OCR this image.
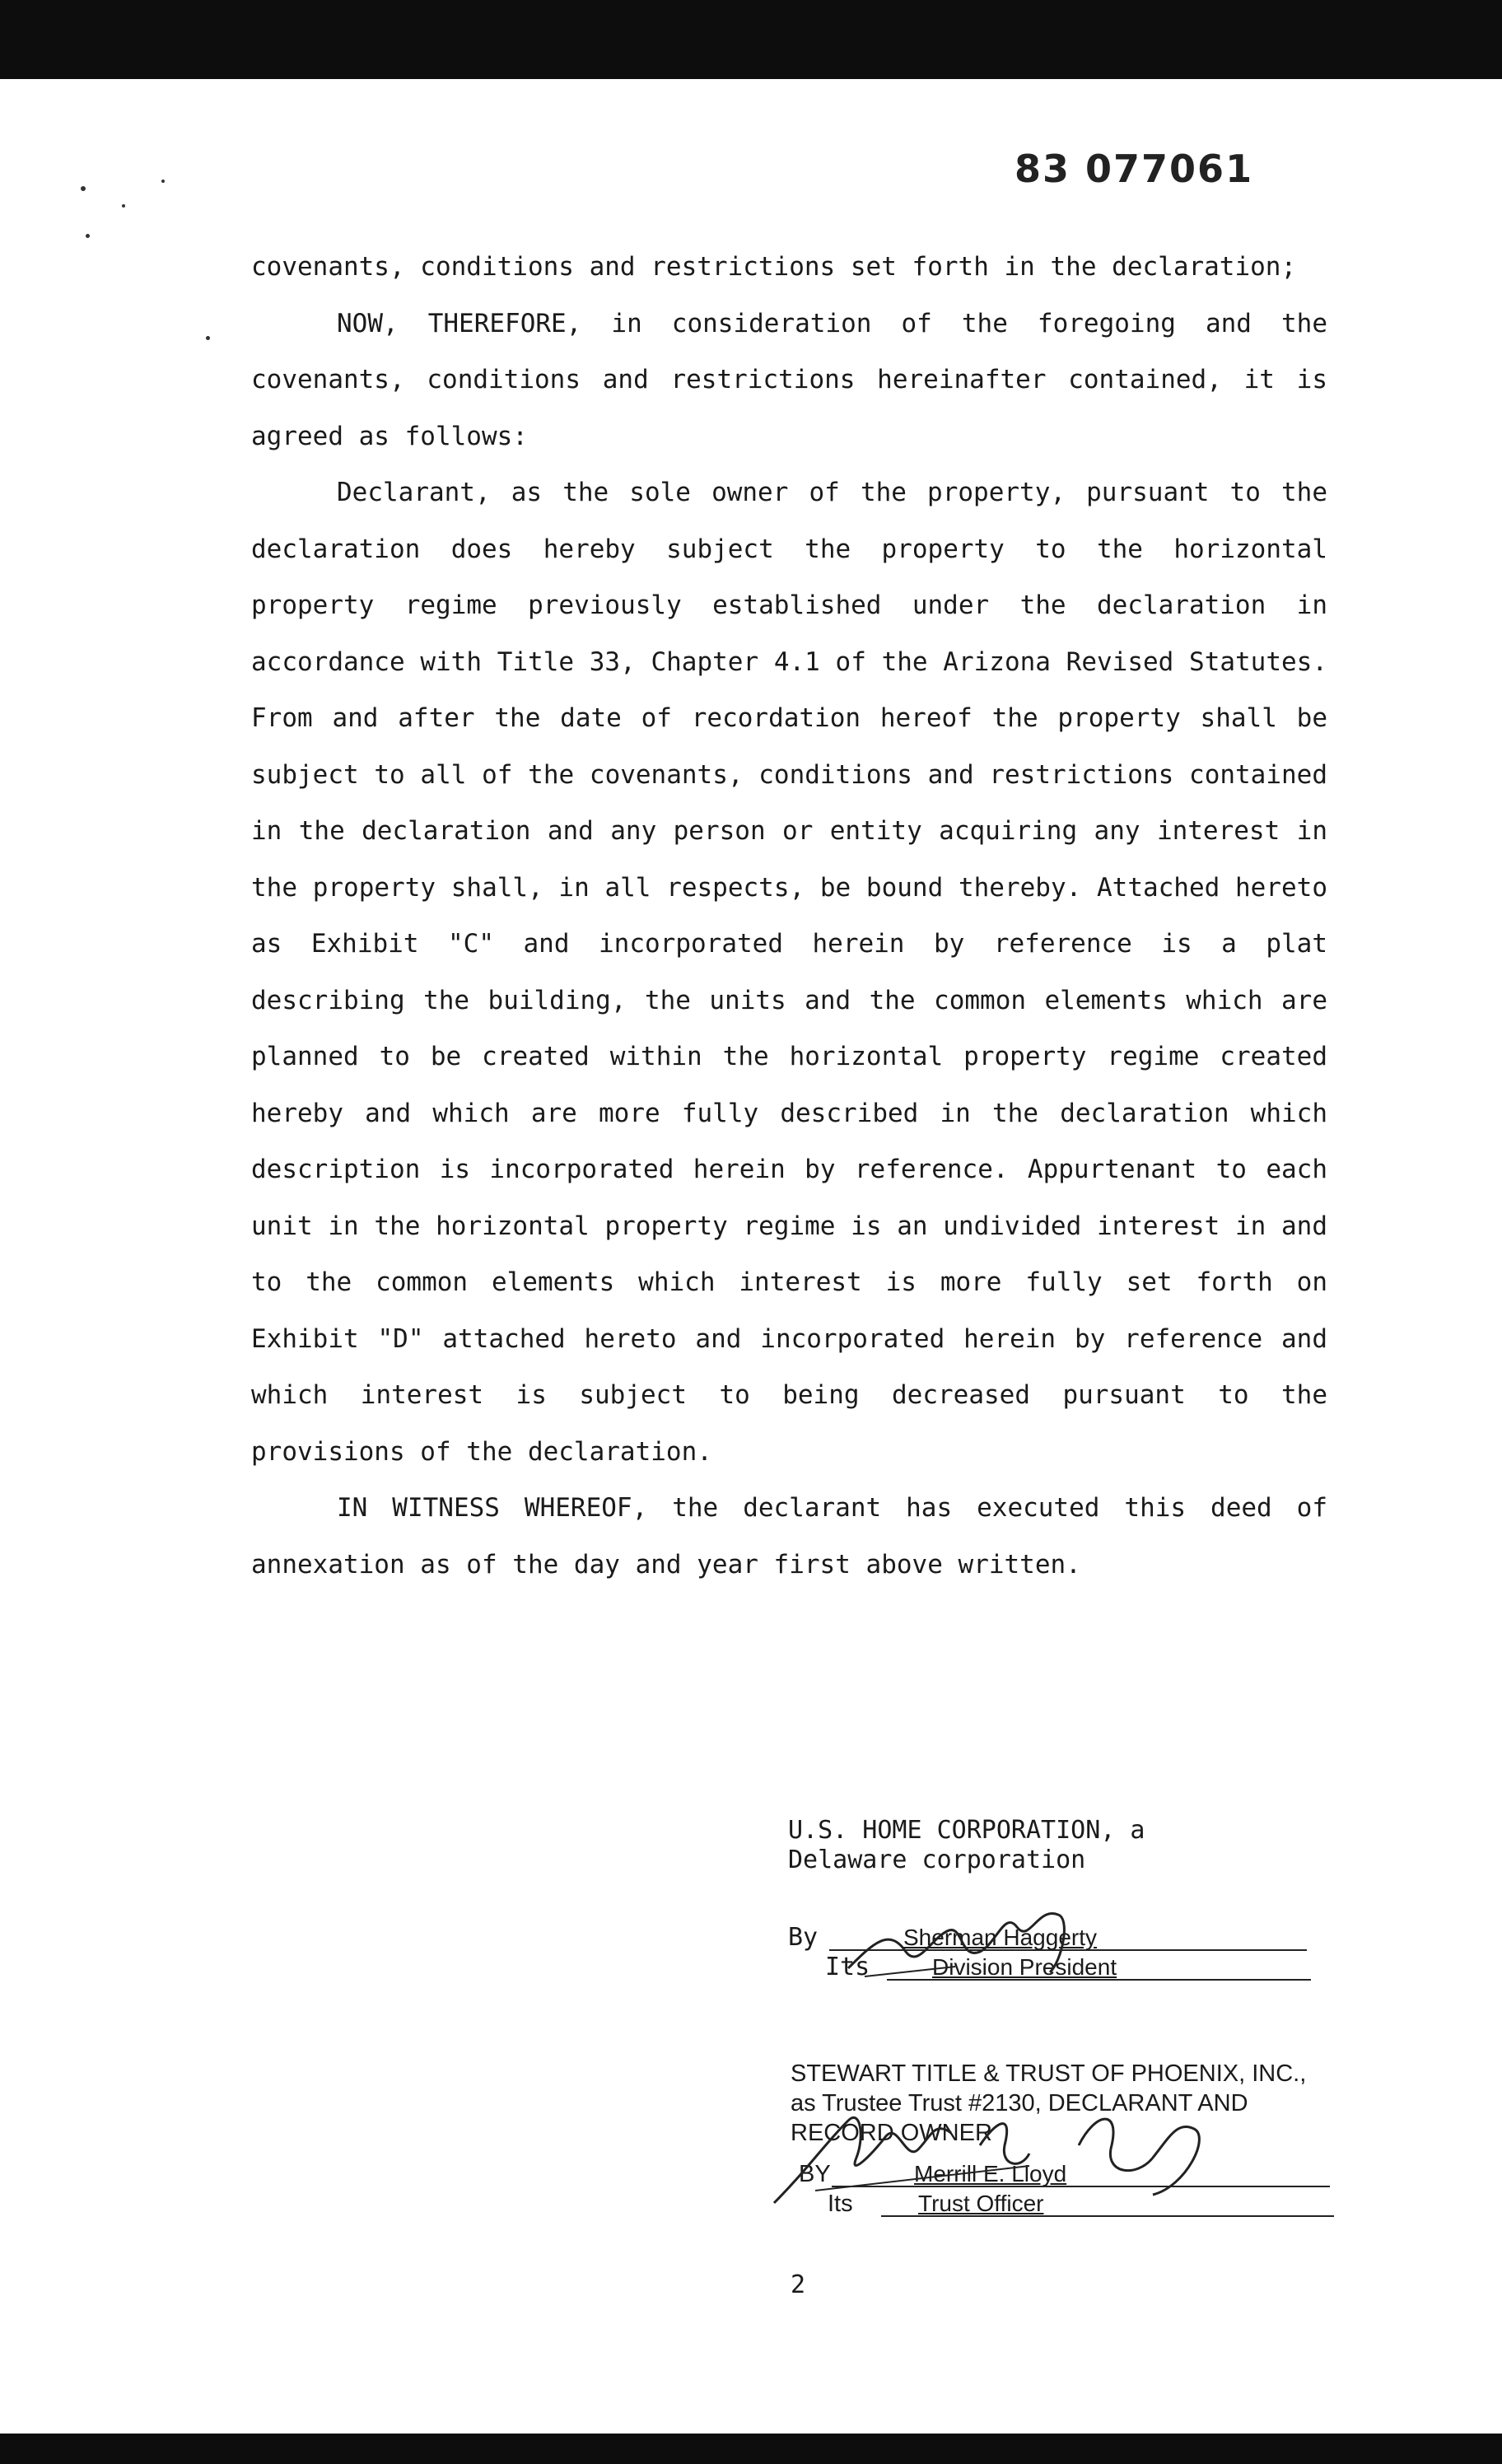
83 077061

covenants, conditions and restrictions set forth in the declaration;

NOW, THEREFORE, in consideration of the foregoing and the covenants, conditions and restrictions hereinafter contained, it is agreed as follows:

Declarant, as the sole owner of the property, pursuant to the declaration does hereby subject the property to the horizontal property regime previously established under the declaration in accordance with Title 33, Chapter 4.1 of the Arizona Revised Statutes. From and after the date of recordation hereof the property shall be subject to all of the covenants, conditions and restrictions contained in the declaration and any person or entity acquiring any interest in the property shall, in all respects, be bound thereby. Attached hereto as Exhibit "C" and incorporated herein by reference is a plat describing the building, the units and the common elements which are planned to be created within the horizontal property regime created hereby and which are more fully described in the declaration which description is incorporated herein by reference. Appurtenant to each unit in the horizontal property regime is an undivided interest in and to the common elements which interest is more fully set forth on Exhibit "D" attached hereto and incorporated herein by reference and which interest is subject to being decreased pursuant to the provisions of the declaration.

IN WITNESS WHEREOF, the declarant has executed this deed of annexation as of the day and year first above written.

U.S. HOME CORPORATION, a
Delaware corporation
By	Sherman Haggerty
Its	Division President
STEWART TITLE & TRUST OF PHOENIX, INC.,
as Trustee Trust #2130, DECLARANT AND
RECORD OWNER
BY	Merrill E. Lloyd
Its	Trust Officer
2
